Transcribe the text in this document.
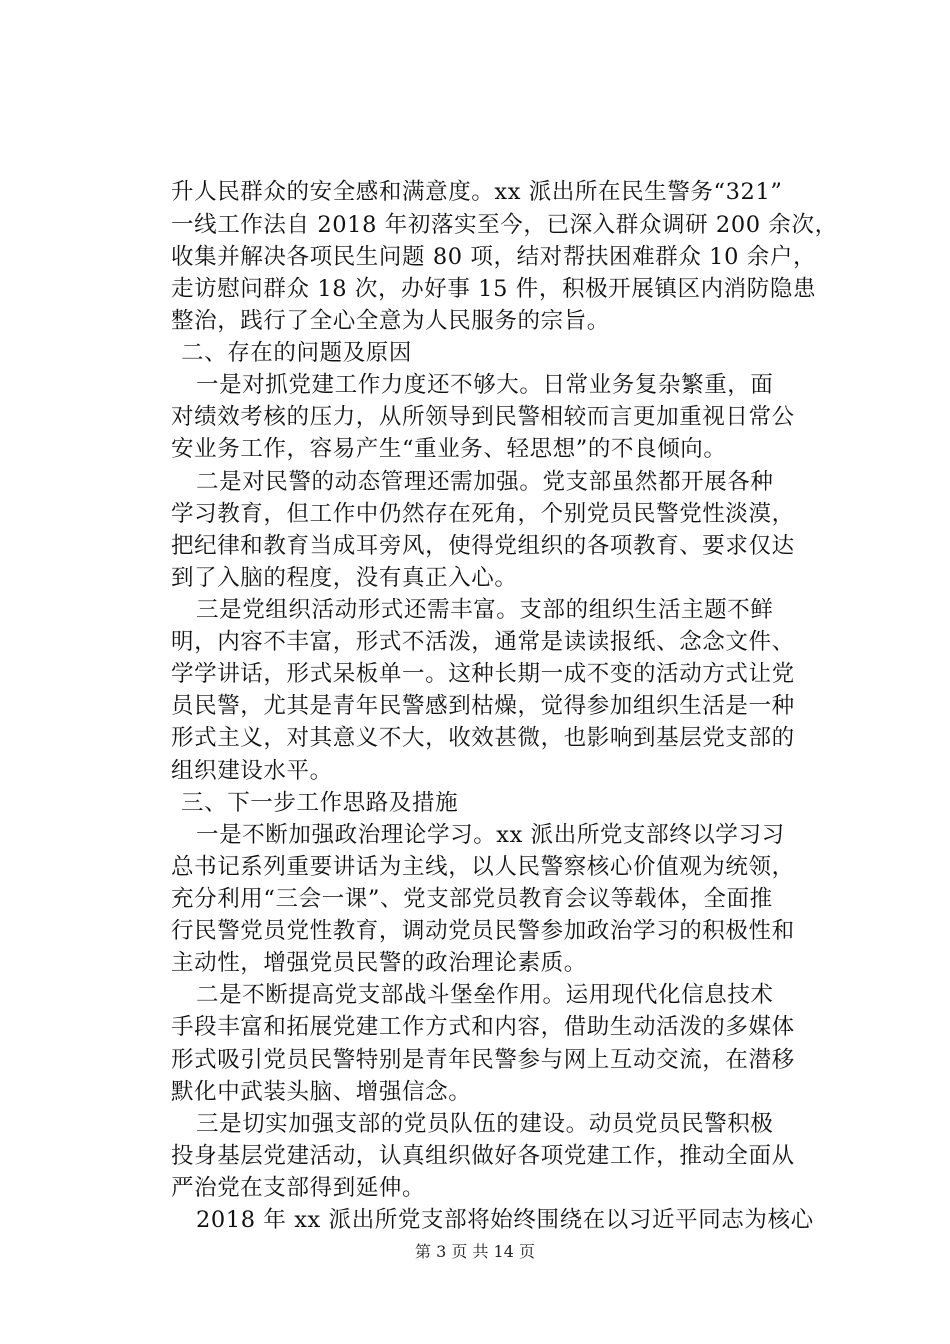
升人民群众的安全感和满意度。xx 派出所在民生警务“321”
一线工作法自 2018 年初落实至今，已深入群众调研 200 余次，
收集并解决各项民生问题 80 项，结对帮扶困难群众 10 余户，
走访慰问群众 18 次，办好事 15 件，积极开展镇区内消防隐患
整治，践行了全心全意为人民服务的宗旨。
二、存在的问题及原因
一是对抓党建工作力度还不够大。日常业务复杂繁重，面
对绩效考核的压力，从所领导到民警相较而言更加重视日常公
安业务工作，容易产生“重业务、轻思想”的不良倾向。
二是对民警的动态管理还需加强。党支部虽然都开展各种
学习教育，但工作中仍然存在死角，个别党员民警党性淡漠，
把纪律和教育当成耳旁风，使得党组织的各项教育、要求仅达
到了入脑的程度，没有真正入心。
三是党组织活动形式还需丰富。支部的组织生活主题不鲜
明，内容不丰富，形式不活泼，通常是读读报纸、念念文件、
学学讲话，形式呆板单一。这种长期一成不变的活动方式让党
员民警，尤其是青年民警感到枯燥，觉得参加组织生活是一种
形式主义，对其意义不大，收效甚微，也影响到基层党支部的
组织建设水平。
三、下一步工作思路及措施
一是不断加强政治理论学习。xx 派出所党支部终以学习习
总书记系列重要讲话为主线，以人民警察核心价值观为统领，
充分利用“三会一课”、党支部党员教育会议等载体，全面推
行民警党员党性教育，调动党员民警参加政治学习的积极性和
主动性，增强党员民警的政治理论素质。
二是不断提高党支部战斗堡垒作用。运用现代化信息技术
手段丰富和拓展党建工作方式和内容，借助生动活泼的多媒体
形式吸引党员民警特别是青年民警参与网上互动交流，在潜移
默化中武装头脑、增强信念。
三是切实加强支部的党员队伍的建设。动员党员民警积极
投身基层党建活动，认真组织做好各项党建工作，推动全面从
严治党在支部得到延伸。
2018 年 xx 派出所党支部将始终围绕在以习近平同志为核心
第 3 页 共 14 页
